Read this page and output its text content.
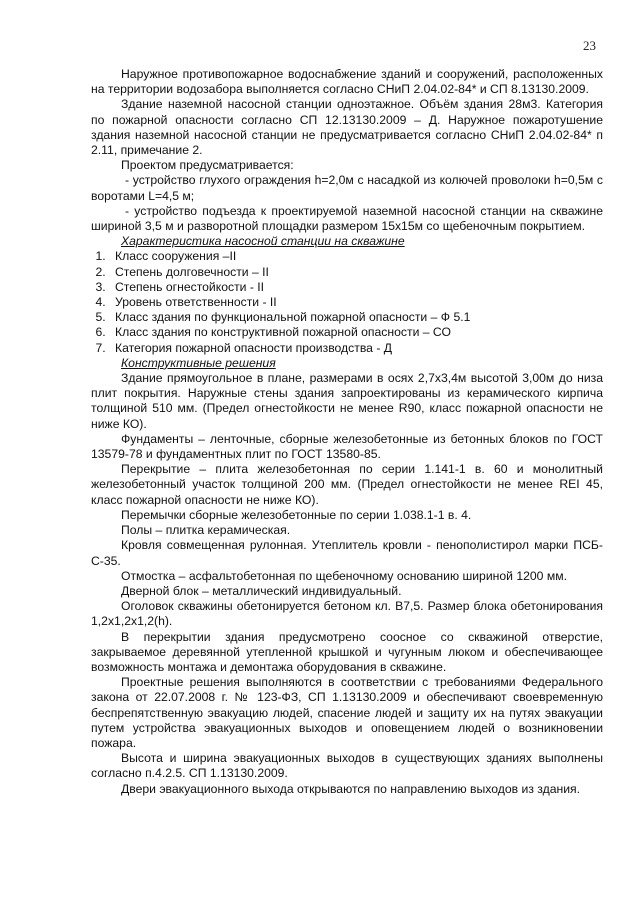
23

Наружное противопожарное водоснабжение зданий и сооружений, расположенных на территории водозабора выполняется согласно СНиП 2.04.02-84* и СП 8.13130.2009.

Здание наземной насосной станции одноэтажное. Объём здания 28м3. Категория по пожарной опасности согласно СП 12.13130.2009 – Д. Наружное пожаротушение здания наземной насосной станции не предусматривается согласно СНиП 2.04.02-84* п 2.11, примечание 2.

Проектом предусматривается:

- устройство глухого ограждения h=2,0м с насадкой из колючей проволоки h=0,5м с воротами L=4,5 м;

- устройство подъезда к проектируемой наземной насосной станции на скважине шириной 3,5 м и разворотной площадки размером 15х15м со щебеночным покрытием.

Характеристика насосной станции на скважине
1. Класс сооружения –II
2. Степень долговечности – II
3. Степень огнестойкости - II
4. Уровень ответственности - II
5. Класс здания по функциональной пожарной опасности – Ф 5.1
6. Класс здания по конструктивной пожарной опасности – СО
7. Категория пожарной опасности производства - Д
Конструктивные решения

Здание прямоугольное в плане, размерами в осях 2,7х3,4м высотой 3,00м до низа плит покрытия. Наружные стены здания запроектированы из керамического кирпича толщиной 510 мм. (Предел огнестойкости не менее R90, класс пожарной опасности не ниже КО).

Фундаменты – ленточные, сборные железобетонные из бетонных блоков по ГОСТ 13579-78 и фундаментных плит по ГОСТ 13580-85.

Перекрытие – плита железобетонная по серии 1.141-1 в. 60 и монолитный железобетонный участок толщиной 200 мм. (Предел огнестойкости не менее REI 45, класс пожарной опасности не ниже КО).

Перемычки сборные железобетонные по серии 1.038.1-1 в. 4.

Полы – плитка керамическая.

Кровля совмещенная рулонная. Утеплитель кровли - пенополистирол марки ПСБ-С-35.

Отмостка – асфальтобетонная по щебеночному основанию шириной 1200 мм.

Дверной блок – металлический индивидуальный.

Оголовок скважины обетонируется бетоном кл. В7,5. Размер блока обетонирования 1,2х1,2х1,2(h).

В перекрытии здания предусмотрено соосное со скважиной отверстие, закрываемое деревянной утепленной крышкой и чугунным люком и обеспечивающее возможность монтажа и демонтажа оборудования в скважине.

Проектные решения выполняются в соответствии с требованиями Федерального закона от 22.07.2008 г. № 123-ФЗ, СП 1.13130.2009 и обеспечивают своевременную беспрепятственную эвакуацию людей, спасение людей и защиту их на путях эвакуации путем устройства эвакуационных выходов и оповещением людей о возникновении пожара.

Высота и ширина эвакуационных выходов в существующих зданиях выполнены согласно п.4.2.5. СП 1.13130.2009.

Двери эвакуационного выхода открываются по направлению выходов из здания.
